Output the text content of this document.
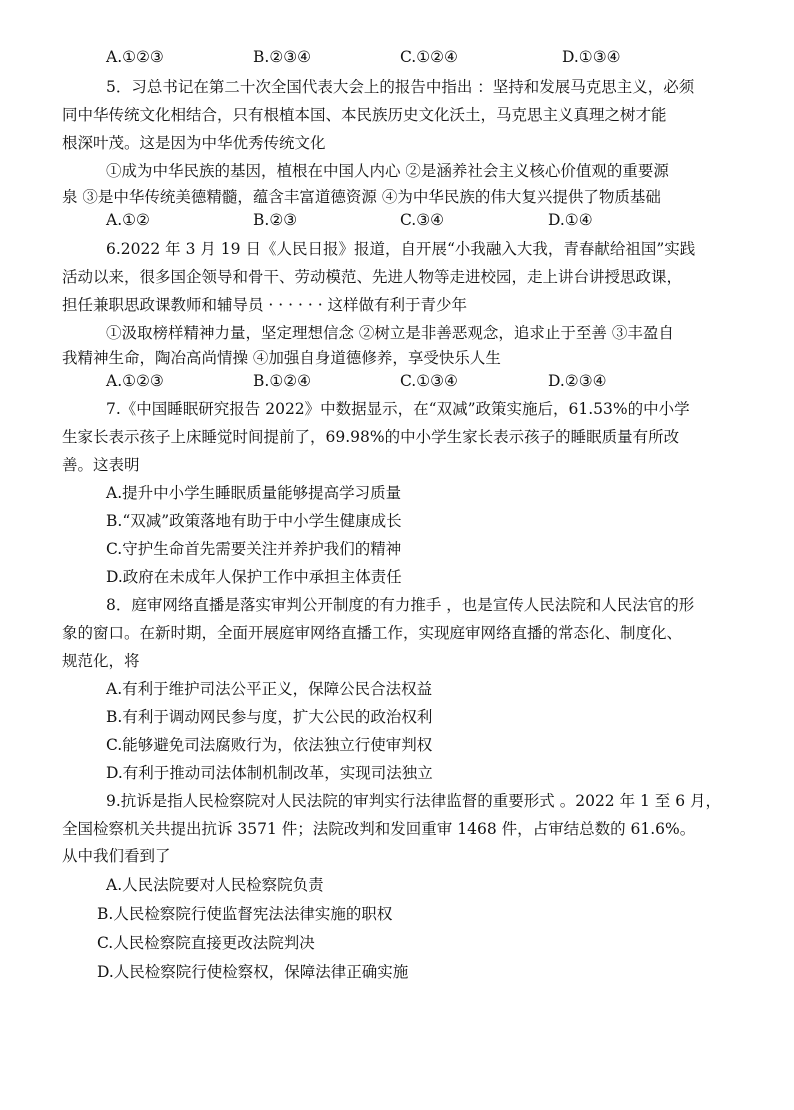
A.①②③	B.②③④	C.①②④	D.①③④
5．习总书记在第二十次全国代表大会上的报告中指出 ：坚持和发展马克思主义，必须
同中华传统文化相结合，只有根植本国、本民族历史文化沃土，马克思主义真理之树才能
根深叶茂。这是因为中华优秀传统文化
①成为中华民族的基因，植根在中国人内心 ②是涵养社会主义核心价值观的重要源
泉 ③是中华传统美德精髓，蕴含丰富道德资源 ④为中华民族的伟大复兴提供了物质基础
A.①②	B.②③	C.③④	D.①④
6.2022 年 3 月 19 日《人民日报》报道，自开展“小我融入大我，青春献给祖国”实践
活动以来，很多国企领导和骨干、劳动模范、先进人物等走进校园，走上讲台讲授思政课，
担任兼职思政课教师和辅导员 · · · · · · 这样做有利于青少年
①汲取榜样精神力量，坚定理想信念 ②树立是非善恶观念，追求止于至善 ③丰盈自
我精神生命，陶冶高尚情操 ④加强自身道德修养，享受快乐人生
A.①②③	B.①②④	C.①③④	D.②③④
7.《中国睡眠研究报告 2022》中数据显示，在“双减”政策实施后，61.53%的中小学
生家长表示孩子上床睡觉时间提前了，69.98%的中小学生家长表示孩子的睡眠质量有所改
善。这表明
A.提升中小学生睡眠质量能够提高学习质量
B.“双减”政策落地有助于中小学生健康成长
C.守护生命首先需要关注并养护我们的精神
D.政府在未成年人保护工作中承担主体责任
8．庭审网络直播是落实审判公开制度的有力推手 ，也是宣传人民法院和人民法官的形
象的窗口。在新时期，全面开展庭审网络直播工作，实现庭审网络直播的常态化、制度化、
规范化，将
A.有利于维护司法公平正义，保障公民合法权益
B.有利于调动网民参与度，扩大公民的政治权利
C.能够避免司法腐败行为，依法独立行使审判权
D.有利于推动司法体制机制改革，实现司法独立
9.抗诉是指人民检察院对人民法院的审判实行法律监督的重要形式 。2022 年 1 至 6 月，
全国检察机关共提出抗诉 3571 件；法院改判和发回重审 1468 件，占审结总数的 61.6%。
从中我们看到了
A.人民法院要对人民检察院负责
B.人民检察院行使监督宪法法律实施的职权
C.人民检察院直接更改法院判决
D.人民检察院行使检察权，保障法律正确实施
